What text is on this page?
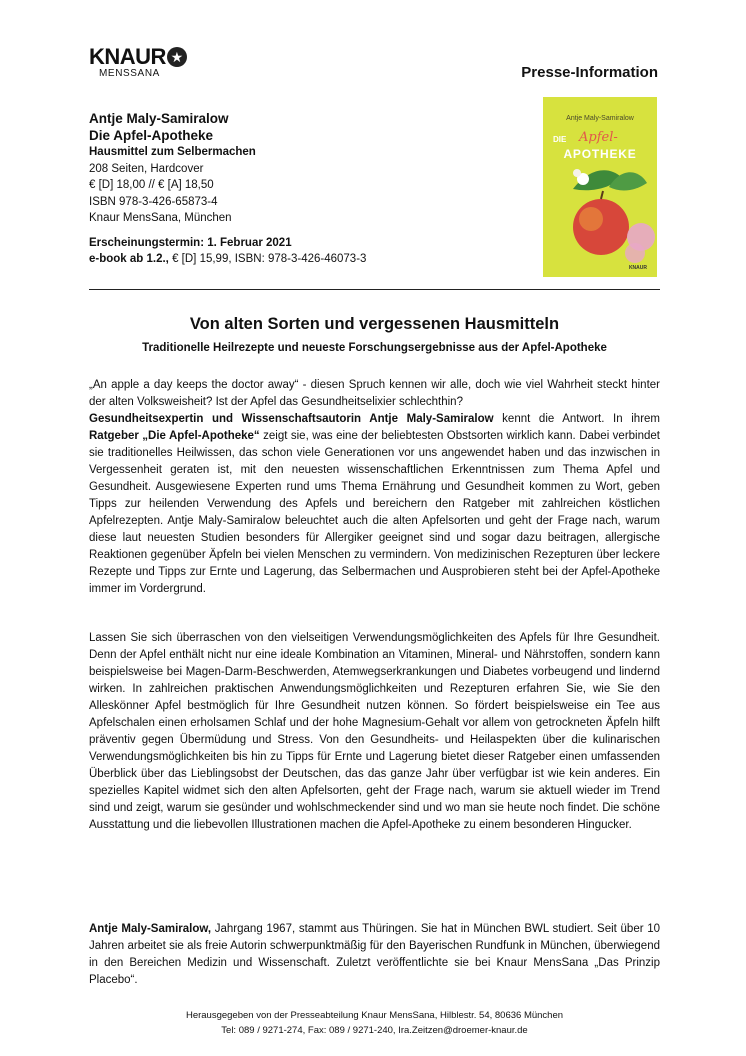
KNAUR ★
MENSSANA	Presse-Information
Antje Maly-Samiralow
Die Apfel-Apotheke
Hausmittel zum Selbermachen
208 Seiten, Hardcover
€ [D] 18,00 // € [A] 18,50
ISBN 978-3-426-65873-4
Knaur MensSana, München
Erscheinungstermin: 1. Februar 2021
e-book ab 1.2., € [D] 15,99, ISBN: 978-3-426-46073-3
Antje Maly-Samiralow
DIE Apfel-
APOTHEKE
KNAUR
Von alten Sorten und vergessenen Hausmitteln
Traditionelle Heilrezepte und neueste Forschungsergebnisse aus der Apfel-Apotheke
„An apple a day keeps the doctor away“ - diesen Spruch kennen wir alle, doch wie viel Wahrheit steckt hinter der alten Volksweisheit? Ist der Apfel das Gesundheitselixier schlechthin?
Gesundheitsexpertin und Wissenschaftsautorin Antje Maly-Samiralow kennt die Antwort. In ihrem Ratgeber „Die Apfel-Apotheke“ zeigt sie, was eine der beliebtesten Obstsorten wirklich kann. Dabei verbindet sie traditionelles Heilwissen, das schon viele Generationen vor uns angewendet haben und das inzwischen in Vergessenheit geraten ist, mit den neuesten wissenschaftlichen Erkenntnissen zum Thema Apfel und Gesundheit. Ausgewiesene Experten rund ums Thema Ernährung und Gesundheit kommen zu Wort, geben Tipps zur heilenden Verwendung des Apfels und bereichern den Ratgeber mit zahlreichen köstlichen Apfelrezepten. Antje Maly-Samiralow beleuchtet auch die alten Apfelsorten und geht der Frage nach, warum diese laut neuesten Studien besonders für Allergiker geeignet sind und sogar dazu beitragen, allergische Reaktionen gegenüber Äpfeln bei vielen Menschen zu vermindern. Von medizinischen Rezepturen über leckere Rezepte und Tipps zur Ernte und Lagerung, das Selbermachen und Ausprobieren steht bei der Apfel-Apotheke immer im Vordergrund.
Lassen Sie sich überraschen von den vielseitigen Verwendungsmöglichkeiten des Apfels für Ihre Gesundheit. Denn der Apfel enthält nicht nur eine ideale Kombination an Vitaminen, Mineral- und Nährstoffen, sondern kann beispielsweise bei Magen-Darm-Beschwerden, Atemwegserkrankungen und Diabetes vorbeugend und lindernd wirken. In zahlreichen praktischen Anwendungsmöglichkeiten und Rezepturen erfahren Sie, wie Sie den Alleskönner Apfel bestmöglich für Ihre Gesundheit nutzen können. So fördert beispielsweise ein Tee aus Apfelschalen einen erholsamen Schlaf und der hohe Magnesium-Gehalt vor allem von getrockneten Äpfeln hilft präventiv gegen Übermüdung und Stress. Von den Gesundheits- und Heilaspekten über die kulinarischen Verwendungsmöglichkeiten bis hin zu Tipps für Ernte und Lagerung bietet dieser Ratgeber einen umfassenden Überblick über das Lieblingsobst der Deutschen, das das ganze Jahr über verfügbar ist wie kein anderes. Ein spezielles Kapitel widmet sich den alten Apfelsorten, geht der Frage nach, warum sie aktuell wieder im Trend sind und zeigt, warum sie gesünder und wohlschmeckender sind und wo man sie heute noch findet. Die schöne Ausstattung und die liebevollen Illustrationen machen die Apfel-Apotheke zu einem besonderen Hingucker.
Antje Maly-Samiralow, Jahrgang 1967, stammt aus Thüringen. Sie hat in München BWL studiert. Seit über 10 Jahren arbeitet sie als freie Autorin schwerpunktmäßig für den Bayerischen Rundfunk in München, überwiegend in den Bereichen Medizin und Wissenschaft. Zuletzt veröffentlichte sie bei Knaur MensSana „Das Prinzip Placebo“.
Herausgegeben von der Presseabteilung Knaur MensSana, Hilblestr. 54, 80636 München
Tel: 089 / 9271-274, Fax: 089 / 9271-240, Ira.Zeitzen@droemer-knaur.de
